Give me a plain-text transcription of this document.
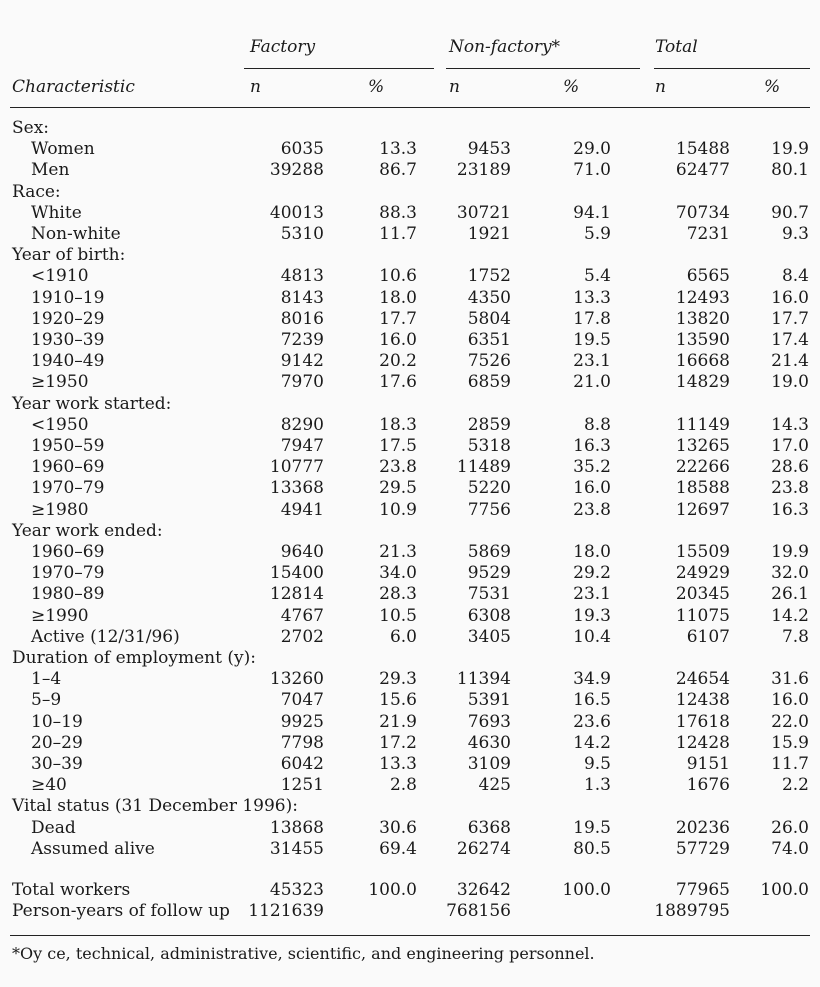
Factory	Non-factory*	Total
Characteristic	n	%	n	%	n	%
Sex:
Women	6035	13.3	9453	29.0	15488 19.9
Men	39288	86.7 23189	71.0	62477 80.1
Race:
White	40013	88.3 30721	94.1	70734 90.7
Non-white	5310	11.7	1921	5.9	7231	9.3
Year of birth:
<1910	4813	10.6	1752	5.4	6565	8.4
1910–19	8143	18.0	4350	13.3	12493 16.0
1920–29	8016	17.7	5804	17.8	13820 17.7
1930–39	7239	16.0	6351	19.5	13590 17.4
1940–49	9142	20.2	7526	23.1	16668 21.4
≥1950	7970	17.6	6859	21.0	14829 19.0
Year work started:
<1950	8290	18.3	2859	8.8	11149 14.3
1950–59	7947	17.5	5318	16.3	13265 17.0
1960–69	10777	23.8 11489	35.2	22266 28.6
1970–79	13368	29.5	5220	16.0	18588 23.8
≥1980	4941	10.9	7756	23.8	12697 16.3
Year work ended:
1960–69	9640	21.3	5869	18.0	15509 19.9
1970–79	15400	34.0	9529	29.2	24929 32.0
1980–89	12814	28.3	7531	23.1	20345 26.1
≥1990	4767	10.5	6308	19.3	11075 14.2
Active (12/31/96)	2702	6.0	3405	10.4	6107	7.8
Duration of employment (y):
1–4	13260	29.3 11394	34.9	24654 31.6
5–9	7047	15.6	5391	16.5	12438 16.0
10–19	9925	21.9	7693	23.6	17618 22.0
20–29	7798	17.2	4630	14.2	12428 15.9
30–39	6042	13.3	3109	9.5	9151 11.7
≥40	1251	2.8	425	1.3	1676	2.2
Vital status (31 December 1996):
Dead	13868	30.6	6368	19.5	20236 26.0
Assumed alive	31455	69.4 26274	80.5	57729 74.0
Total workers	45323	100.0 32642	100.0	77965 100.0
Person-years of follow up 1121639	768156	1889795
*Oy ce, technical, administrative, scientific, and engineering personnel.
